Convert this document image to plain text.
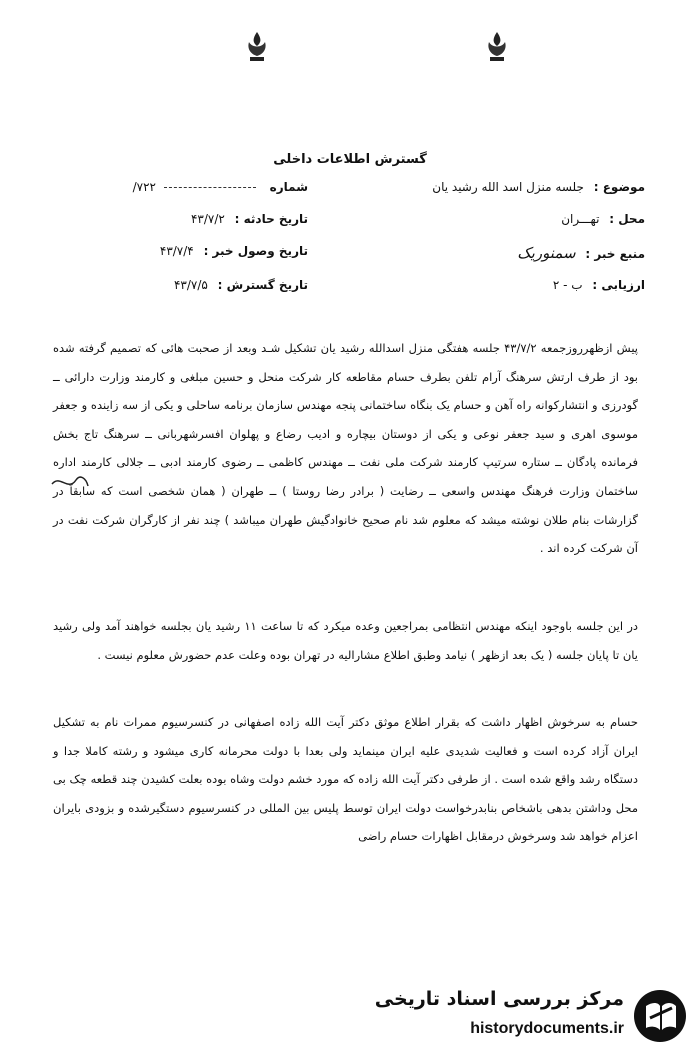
گسترش اطلاعات داخلی
موضوع : جلسه منزل اسد الله رشید یان
محل : تهـــران
منبع خبر : سمنوریک
ارزیابی : ب - ۲
شماره  ۷۲۲/
تاریخ حادثه : ۴۳/۷/۲
تاریخ وصول خبر : ۴۳/۷/۴
تاریخ گسترش : ۴۳/۷/۵
پیش ازظهرروزجمعه ۴۳/۷/۲ جلسه هفتگی منزل اسدالله رشید یان تشکیل شـد وبعد از صحبت هائی که تصمیم گرفته شده بود از طرف ارتش سرهنگ آرام تلفن بطرف حسام مقاطعه کار شرکت منحل و حسین مبلغی و کارمند وزارت دارائی ــ گودرزی و انتشارکوانه راه آهن و حسام یک بنگاه ساختمانی پنجه مهندس سازمان برنامه ساحلی و یکی از سه زاینده و جعفر موسوی اهری و سید جعفر نوعی و یکی از دوستان بیچاره و ادیب رضاع و پهلوان افسرشهربانی ــ سرهنگ تاج بخش فرمانده پادگان ــ ستاره سرتیپ کارمند شرکت ملی نفت ــ مهندس کاظمی ــ رضوی کارمند ادبی ــ جلالی کارمند اداره ساختمان وزارت فرهنگ مهندس واسعی ــ رضایت ( برادر رضا روستا ) ــ طهران ( همان شخصی است که سابقاً در گزارشات بنام طلان نوشته میشد که معلوم شد نام صحیح خانوادگیش طهران میباشد ) چند نفر از کارگران شرکت نفت در آن شرکت کرده اند .
در این جلسه باوجود اینکه مهندس انتظامی بمراجعین وعده میکرد که تا ساعت ۱۱ رشید یان بجلسه خواهند آمد ولی رشید یان تا پایان جلسه ( یک بعد ازظهر ) نیامد وطبق اطلاع مشارالیه در تهران بوده وعلت عدم حضورش معلوم نیست .
حسام به سرخوش اظهار داشت که بقرار اطلاع موثق دکتر آیت الله زاده اصفهانی در کنسرسیوم ممرات نام به تشکیل ایران آزاد کرده است و فعالیت شدیدی علیه ایران مینماید ولی بعدا با دولت محرمانه کاری میشود و رشته کاملا جدا و دستگاه رشد واقع شده است . از طرفی دکتر آیت الله زاده که مورد خشم دولت وشاه بوده بعلت کشیدن چند قطعه چک بی محل وداشتن بدهی باشخاص بنابدرخواست دولت ایران توسط پلیس بین المللی در کنسرسیوم دستگیرشده و بزودی بایران اعزام خواهد شد وسرخوش درمقابل اظهارات حسام راضی
مرکز بررسی اسناد تاریخی
historydocuments.ir
